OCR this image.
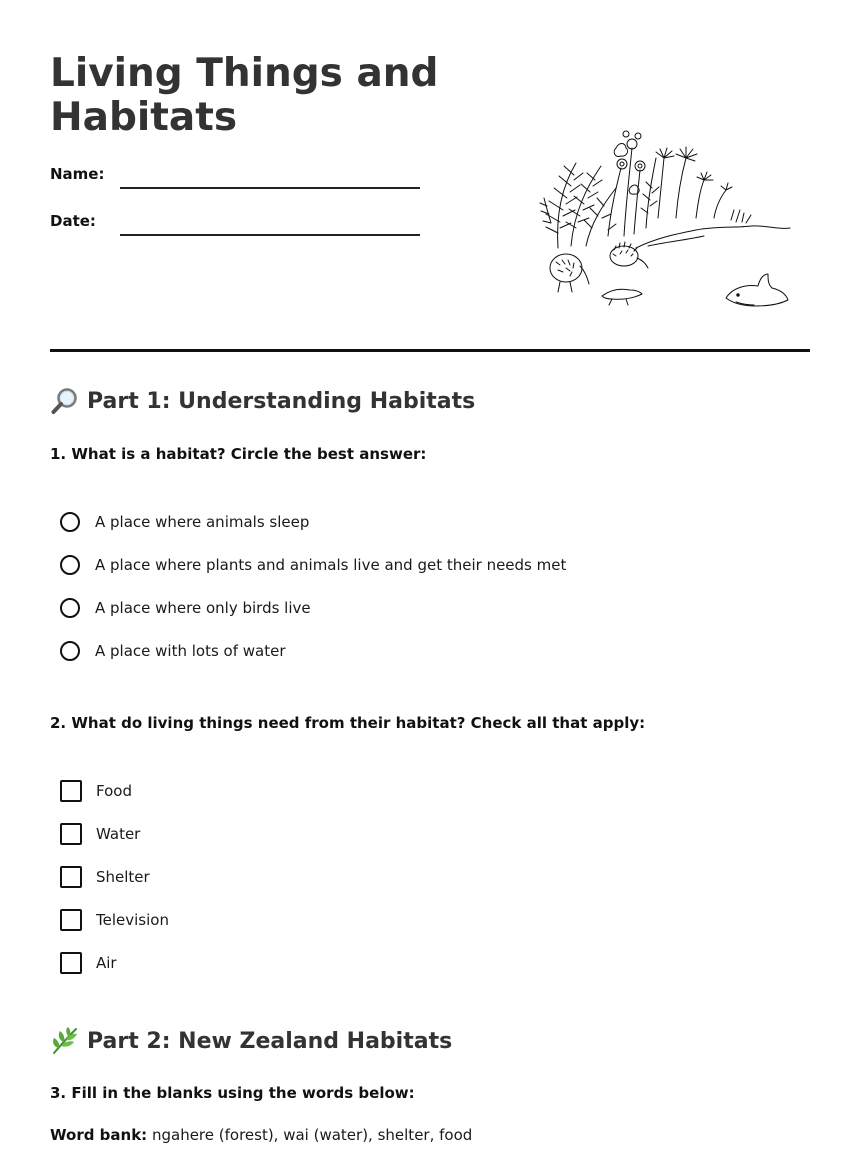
Living Things and
Habitats
Name:
Date:
Part 1: Understanding Habitats

1. What is a habitat? Circle the best answer:

A place where animals sleep
A place where plants and animals live and get their needs met
A place where only birds live
A place with lots of water

2. What do living things need from their habitat? Check all that apply:

Food
Water
Shelter
Television
Air
Part 2: New Zealand Habitats

3. Fill in the blanks using the words below:

Word bank: ngahere (forest), wai (water), shelter, food
